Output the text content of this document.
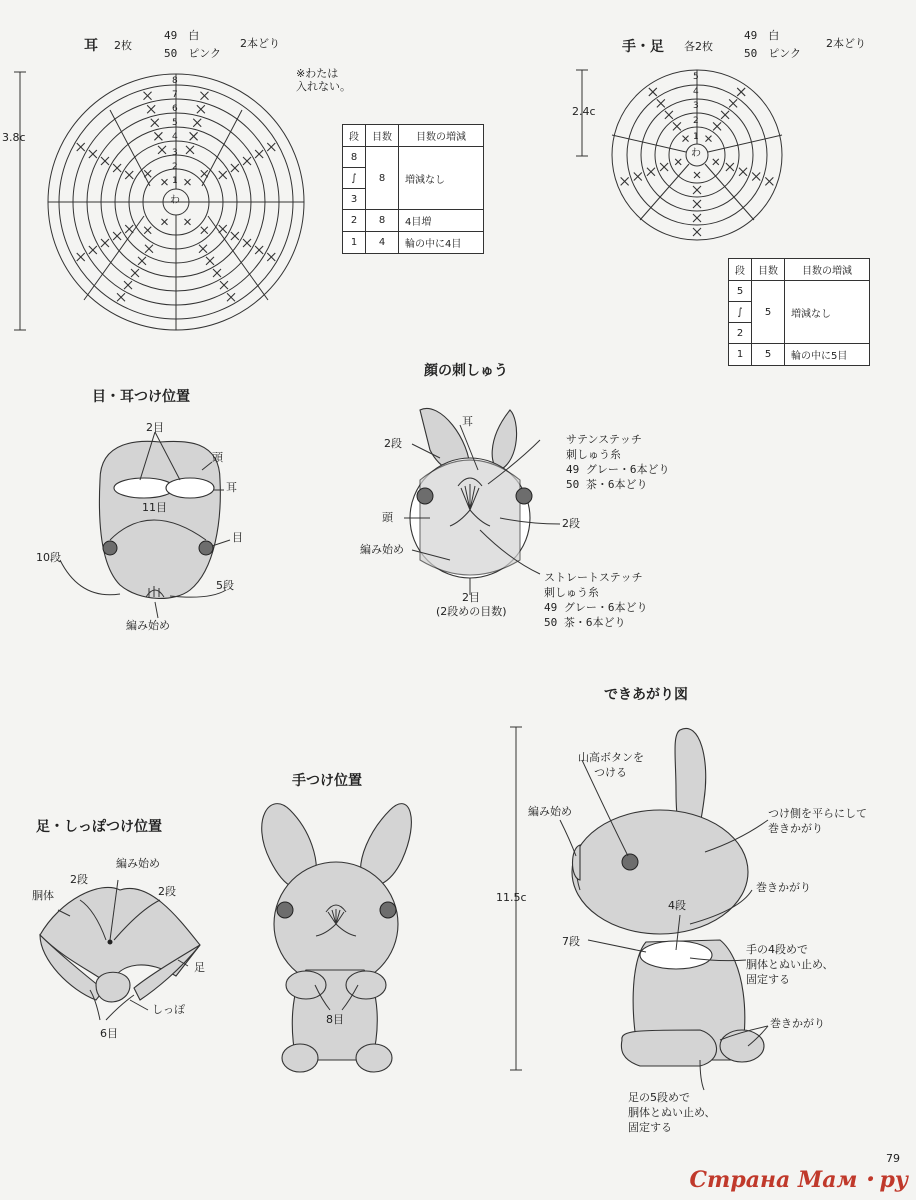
耳 2枚
49　白
50　ピンク
2本どり
※わたは
入れない。
3.8c
8
7
6
5
4
3
2
1
わ
段	目数	目数の増減
8	8	増減なし
∫		
3		
2	8	4目増
1	4	輪の中に4目
手・足 各2枚
49　白
50　ピンク
2本どり
2.4c
5
4
3
2
1
わ
段	目数	目数の増減
5	5	増減なし
∫		
2		
1	5	輪の中に5目
目・耳つけ位置
2目
頭
耳
11目
目
10段
5段
編み始め
顔の刺しゅう
耳
2段
頭
編み始め
2段
2目
(2段めの目数)
サテンステッチ
刺しゅう糸
49 グレー・6本どり
50 茶・6本どり
ストレートステッチ
刺しゅう糸
49 グレー・6本どり
50 茶・6本どり
手つけ位置
8目
足・しっぽつけ位置
編み始め
2段
2段
胴体
足
しっぽ
6目
できあがり図
山高ボタンを
つける
編み始め	つけ側を平らにして
巻きかがり
巻きかがり
4段
11.5c
7段
手の4段めで
胴体とぬい止め、
固定する
巻きかがり
足の5段めで
胴体とぬい止め、
固定する
79
Страна Мам・ру
